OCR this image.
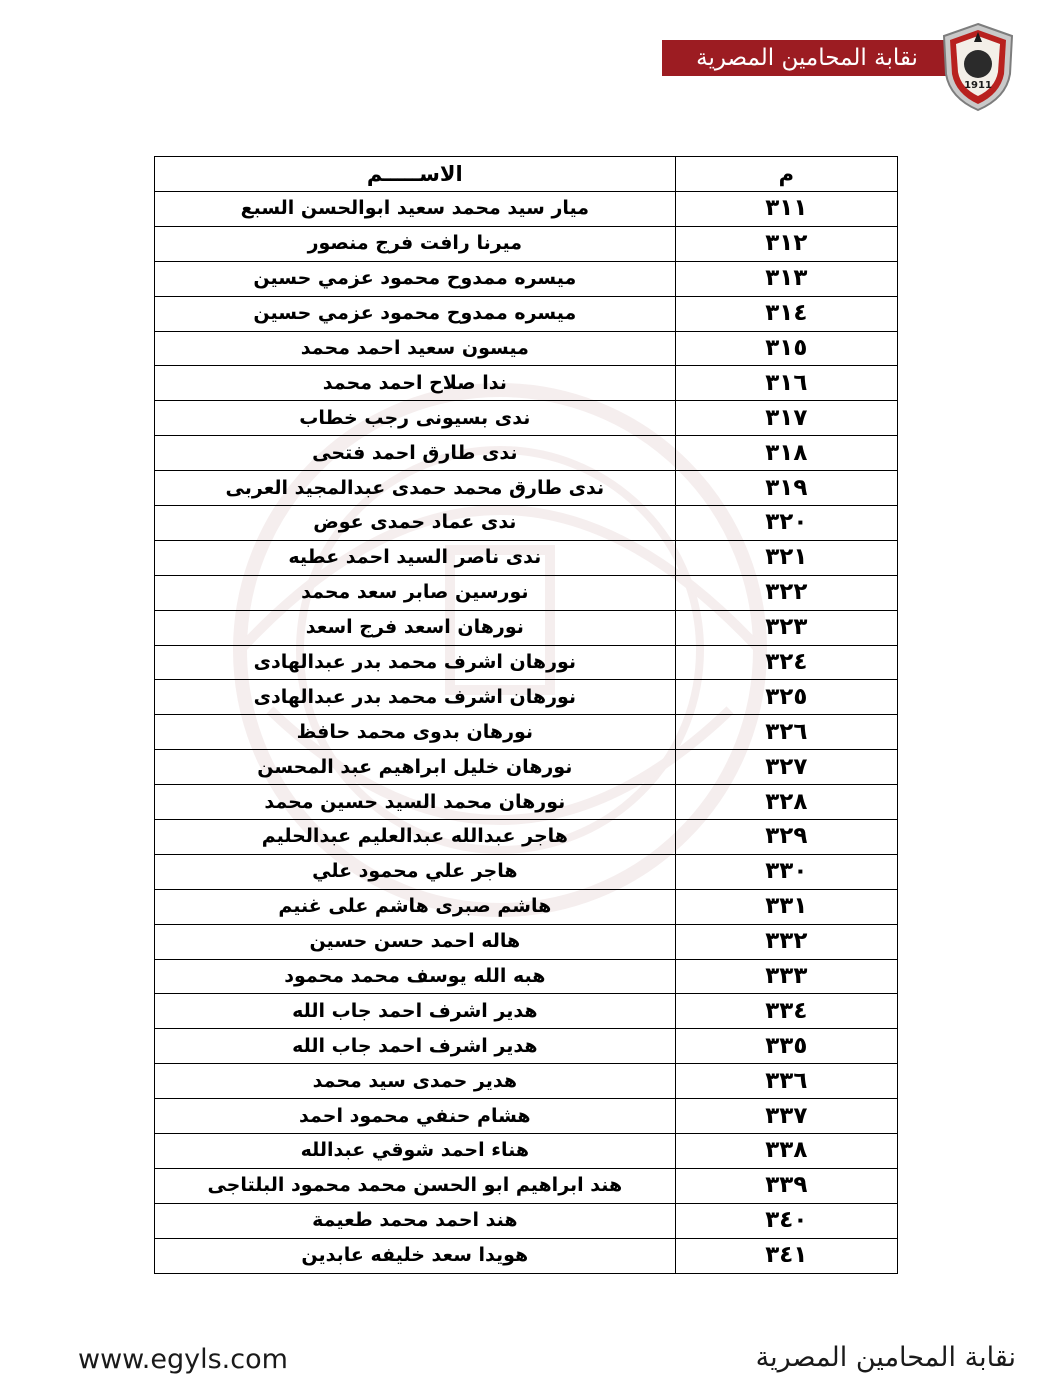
نقابة المحامين المصرية
1911
م	الاســـــم
٣١١	ميار سيد محمد سعيد ابوالحسن السبع
٣١٢	ميرنا رافت فرج منصور
٣١٣	ميسره ممدوح محمود عزمي حسين
٣١٤	ميسره ممدوح محمود عزمي حسين
٣١٥	ميسون سعيد احمد محمد
٣١٦	ندا صلاح احمد محمد
٣١٧	ندى بسيونى رجب خطاب
٣١٨	ندى طارق احمد فتحى
٣١٩	ندى طارق محمد حمدى عبدالمجيد العربى
٣٢٠	ندى عماد حمدى عوض
٣٢١	ندى ناصر السيد احمد عطيه
٣٢٢	نورسين صابر سعد محمد
٣٢٣	نورهان اسعد فرج اسعد
٣٢٤	نورهان اشرف محمد بدر عبدالهادى
٣٢٥	نورهان اشرف محمد بدر عبدالهادى
٣٢٦	نورهان بدوى محمد حافظ
٣٢٧	نورهان خليل ابراهيم عبد المحسن
٣٢٨	نورهان محمد السيد حسين محمد
٣٢٩	هاجر عبدالله عبدالعليم عبدالحليم
٣٣٠	هاجر علي محمود علي
٣٣١	هاشم صبرى هاشم على غنيم
٣٣٢	هاله احمد حسن حسين
٣٣٣	هبه الله يوسف محمد محمود
٣٣٤	هدير اشرف احمد جاب الله
٣٣٥	هدير اشرف احمد جاب الله
٣٣٦	هدير حمدى سيد محمد
٣٣٧	هشام حنفي محمود احمد
٣٣٨	هناء احمد شوقي عبدالله
٣٣٩	هند ابراهيم ابو الحسن محمد محمود البلتاجى
٣٤٠	هند احمد محمد طعيمة
٣٤١	هويدا سعد خليفه عابدين
www.egyls.com	نقابة المحامين المصرية
